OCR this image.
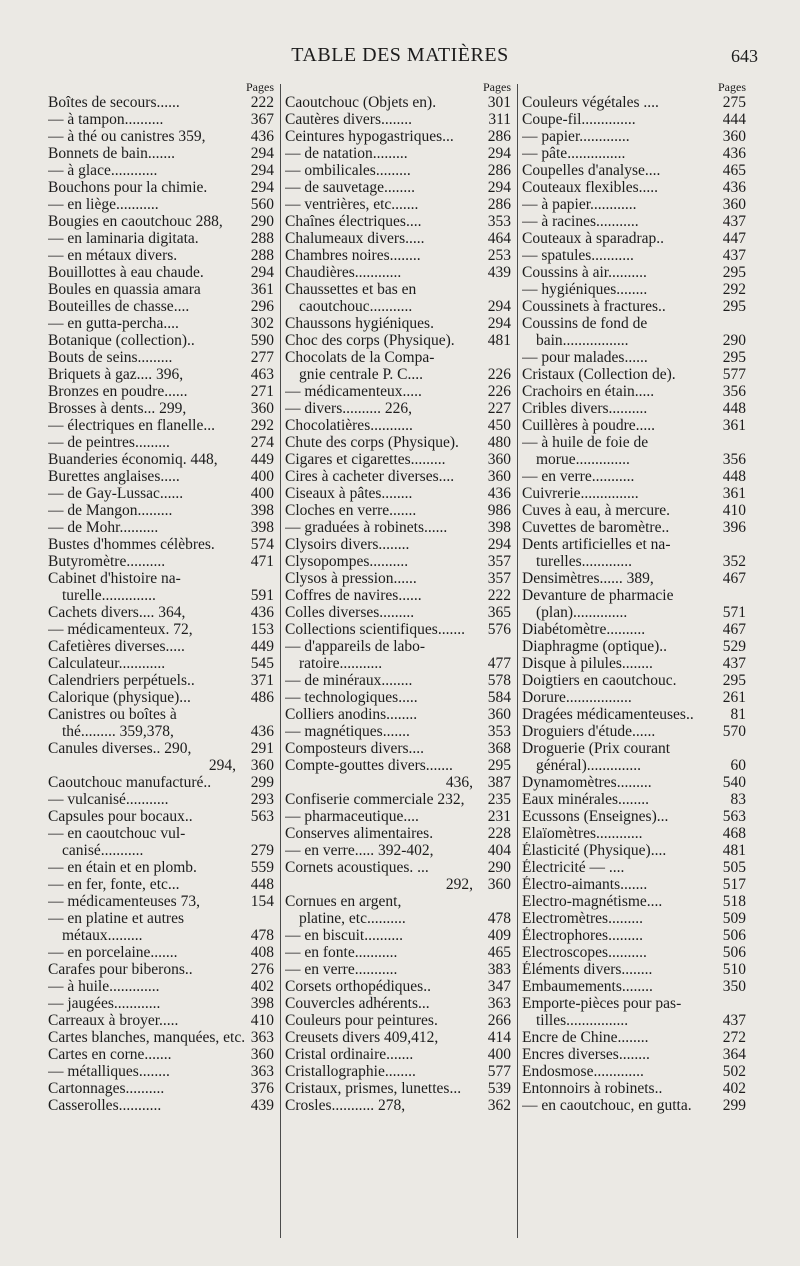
TABLE DES MATIÈRES	643
Pages
Boîtes de secours......	222
— à tampon..........	367
— à thé ou canistres 359,	436
Bonnets de bain.......	294
— à glace............	294
Bouchons pour la chimie.	294
— en liège...........	560
Bougies en caoutchouc 288, 290
— en laminaria digitata.	288
— en métaux divers.	288
Bouillottes à eau chaude.	294
Boules en quassia amara	361
Bouteilles de chasse....	296
— en gutta-percha....	302
Botanique (collection)..	590
Bouts de seins.........	277
Briquets à gaz.... 396,	463
Bronzes en poudre......	271
Brosses à dents... 299,	360
— électriques en flanelle... 292
— de peintres.........	274
Buanderies économiq. 448, 449
Burettes anglaises.....	400
— de Gay-Lussac......	400
— de Mangon.........	398
— de Mohr..........	398
Bustes d'hommes célèbres. 574
Butyromètre..........	471
Cabinet d'histoire na-
turelle..............	591
Cachets divers.... 364,	436
— médicamenteux. 72,	153
Cafetières diverses.....	449
Calculateur............	545
Calendriers perpétuels..	371
Calorique (physique)...	486
Canistres ou boîtes à
thé......... 359,378,	436
Canules diverses.. 290,	291
294, 360
Caoutchouc manufacturé..	299
— vulcanisé...........	293
Capsules pour bocaux..	563
— en caoutchouc vul-
canisé...........	279
— en étain et en plomb.	559
— en fer, fonte, etc...	448
— médicamenteuses 73,	154
— en platine et autres
métaux.........	478
— en porcelaine.......	408
Carafes pour biberons..	276
— à huile.............	402
— jaugées............	398
Carreaux à broyer.....	410
Cartes blanches, manquées, etc. 363
Cartes en corne.......	360
— métalliques........	363
Cartonnages..........	376
Casserolles...........	439
Pages
Caoutchouc (Objets en).	301
Cautères divers........	311
Ceintures hypogastriques... 286
— de natation.........	294
— ombilicales.........	286
— de sauvetage........	294
— ventrières, etc.......	286
Chaînes électriques....	353
Chalumeaux divers.....	464
Chambres noires........	253
Chaudières............	439
Chaussettes et bas en
caoutchouc...........	294
Chaussons hygiéniques.	294
Choc des corps (Physique). 481
Chocolats de la Compa-
gnie centrale P. C....	226
— médicamenteux.....	226
— divers.......... 226,	227
Chocolatières...........	450
Chute des corps (Physique). 480
Cigares et cigarettes.........	360
Cires à cacheter diverses.... 360
Ciseaux à pâtes........	436
Cloches en verre.......	986
— graduées à robinets......	398
Clysoirs divers........	294
Clysopompes..........	357
Clysos à pression......	357
Coffres de navires......	222
Colles diverses.........	365
Collections scientifiques....... 576
— d'appareils de labo-
ratoire...........	477
— de minéraux........	578
— technologiques.....	584
Colliers anodins........	360
— magnétiques.......	353
Composteurs divers....	368
Compte-gouttes divers....... 295
436, 387
Confiserie commerciale 232, 235
— pharmaceutique....	231
Conserves alimentaires.	228
— en verre..... 392-402,	404
Cornets acoustiques. ...	290
292, 360
Cornues en argent,
platine, etc..........	478
— en biscuit..........	409
— en fonte...........	465
— en verre...........	383
Corsets orthopédiques..	347
Couvercles adhérents...	363
Couleurs pour peintures.	266
Creusets divers 409,412,	414
Cristal ordinaire.......	400
Cristallographie........	577
Cristaux, prismes, lunettes... 539
Crosles........... 278,	362
Pages
Couleurs végétales ....	275
Coupe-fil..............	444
— papier.............	360
— pâte...............	436
Coupelles d'analyse....	465
Couteaux flexibles.....	436
— à papier............	360
— à racines...........	437
Couteaux à sparadrap..	447
— spatules...........	437
Coussins à air..........	295
— hygiéniques........	292
Coussinets à fractures..	295
Coussins de fond de
bain.................	290
— pour malades......	295
Cristaux (Collection de).	577
Crachoirs en étain.....	356
Cribles divers..........	448
Cuillères à poudre.....	361
— à huile de foie de
morue..............	356
— en verre...........	448
Cuivrerie...............	361
Cuves à eau, à mercure.	410
Cuvettes de baromètre..	396
Dents artificielles et na-
turelles.............	352
Densimètres...... 389,	467
Devanture de pharmacie
(plan)..............	571
Diabétomètre..........	467
Diaphragme (optique)..	529
Disque à pilules........	437
Doigtiers en caoutchouc.	295
Dorure.................	261
Dragées médicamenteuses.. 81
Droguiers d'étude......	570
Droguerie (Prix courant
général)..............	60
Dynamomètres.........	540
Eaux minérales........	83
Ecussons (Enseignes)...	563
Elaïomètres............	468
Élasticité (Physique)....	481
Électricité — ....	505
Électro-aimants.......	517
Electro-magnétisme....	518
Electromètres.........	509
Électrophores.........	506
Electroscopes..........	506
Éléments divers........	510
Embaumements........	350
Emporte-pièces pour pas-
tilles................	437
Encre de Chine........	272
Encres diverses........	364
Endosmose.............	502
Entonnoirs à robinets..	402
— en caoutchouc, en gutta. 299
